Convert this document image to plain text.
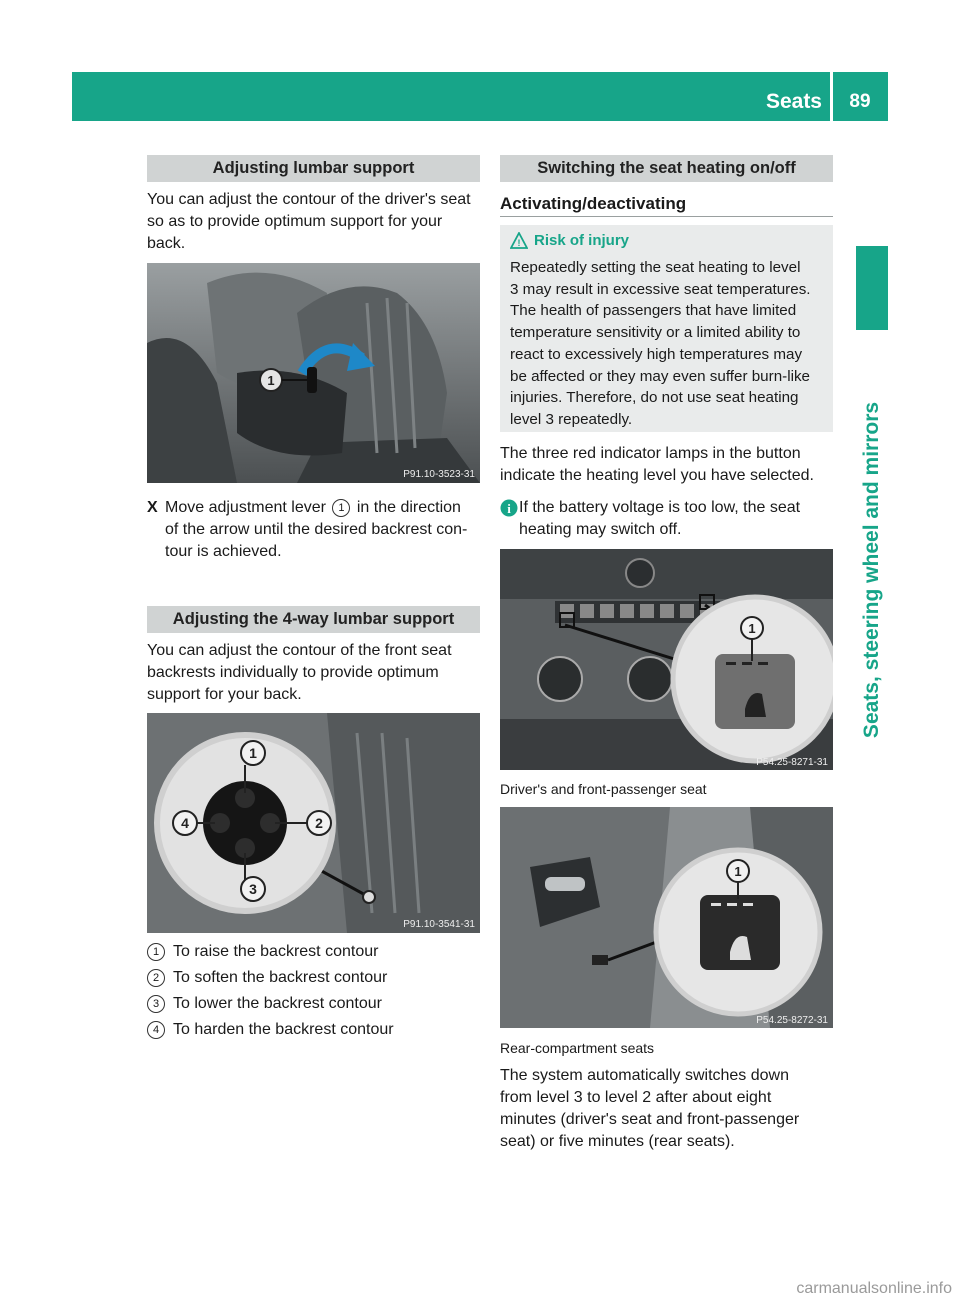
Seats	89
Seats, steering wheel and mirrors
Adjusting lumbar support
You can adjust the contour of the driver's seat
so as to provide optimum support for your
back.
1
P91.10-3523-31
X Move adjustment lever 1 in the direction
of the arrow until the desired backrest con-
tour is achieved.
Adjusting the 4-way lumbar support
You can adjust the contour of the front seat
backrests individually to provide optimum
support for your back.
1
2
3
4
P91.10-3541-31
1 To raise the backrest contour
2 To soften the backrest contour
3 To lower the backrest contour
4 To harden the backrest contour
Switching the seat heating on/off
Activating/deactivating
! Risk of injury
Repeatedly setting the seat heating to level
3 may result in excessive seat temperatures.
The health of passengers that have limited
temperature sensitivity or a limited ability to
react to excessively high temperatures may
be affected or they may even suffer burn-like
injuries. Therefore, do not use seat heating
level 3 repeatedly.
The three red indicator lamps in the button
indicate the heating level you have selected.
i If the battery voltage is too low, the seat
heating may switch off.
1
P54.25-8271-31
Driver's and front-passenger seat
1
P54.25-8272-31
Rear-compartment seats
The system automatically switches down
from level 3 to level 2 after about eight
minutes (driver's seat and front-passenger
seat) or five minutes (rear seats).
carmanualsonline.info
